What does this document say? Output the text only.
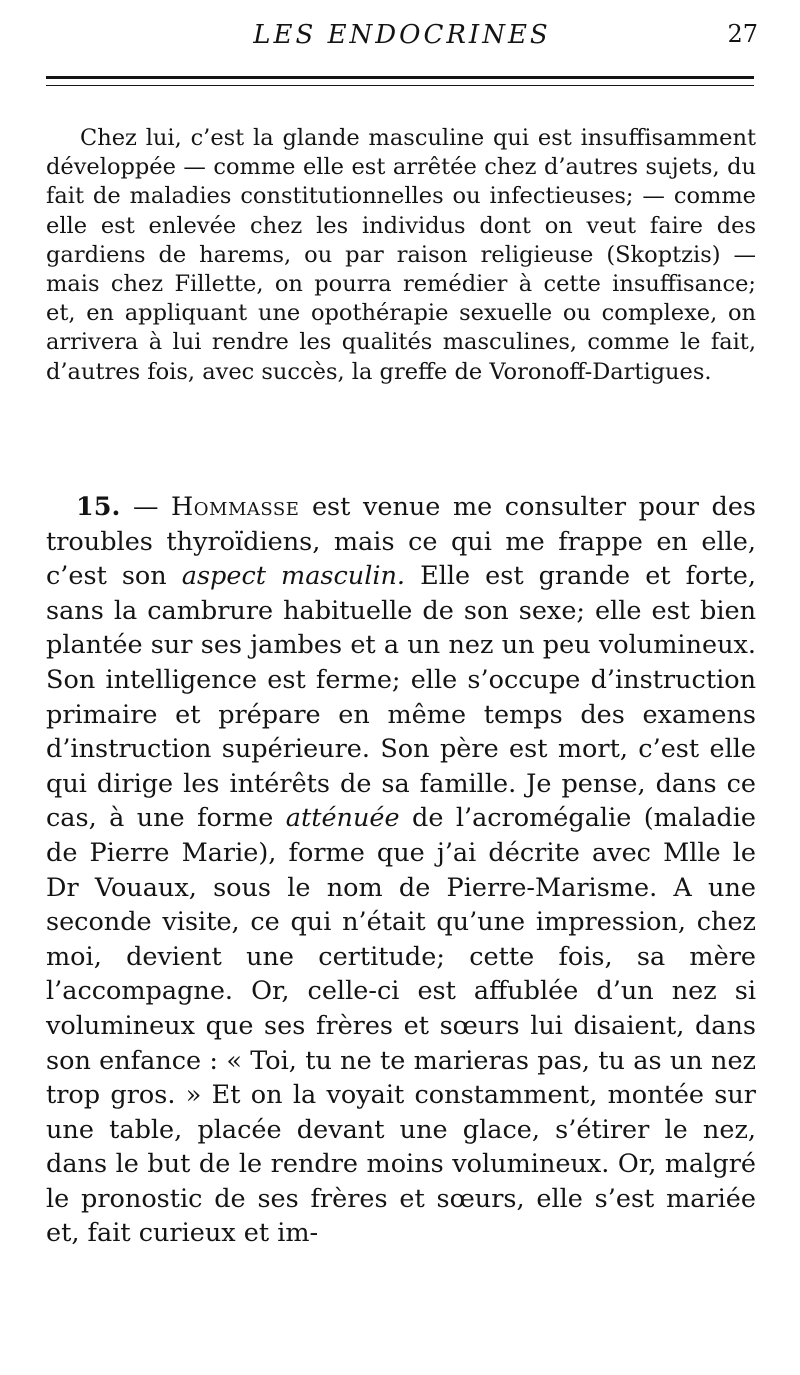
LES ENDOCRINES	27

Chez lui, c’est la glande masculine qui est insuffisamment développée — comme elle est arrêtée chez d’autres sujets, du fait de maladies constitutionnelles ou infectieuses; — comme elle est enlevée chez les individus dont on veut faire des gardiens de harems, ou par raison religieuse (Skoptzis) — mais chez Fillette, on pourra remédier à cette insuffisance; et, en appliquant une opothérapie sexuelle ou complexe, on arrivera à lui rendre les qualités masculines, comme le fait, d’autres fois, avec succès, la greffe de Voronoff-Dartigues.

15. — Hommasse est venue me consulter pour des troubles thyroïdiens, mais ce qui me frappe en elle, c’est son aspect masculin. Elle est grande et forte, sans la cambrure habituelle de son sexe; elle est bien plantée sur ses jambes et a un nez un peu volumineux. Son intelligence est ferme; elle s’occupe d’instruction primaire et prépare en même temps des examens d’instruction supérieure. Son père est mort, c’est elle qui dirige les intérêts de sa famille. Je pense, dans ce cas, à une forme atténuée de l’acromégalie (maladie de Pierre Marie), forme que j’ai décrite avec Mlle le Dr Vouaux, sous le nom de Pierre-Marisme. A une seconde visite, ce qui n’était qu’une impression, chez moi, devient une certitude; cette fois, sa mère l’accompagne. Or, celle-ci est affublée d’un nez si volumineux que ses frères et sœurs lui disaient, dans son enfance : « Toi, tu ne te marieras pas, tu as un nez trop gros. » Et on la voyait constamment, montée sur une table, placée devant une glace, s’étirer le nez, dans le but de le rendre moins volumineux. Or, malgré le pronostic de ses frères et sœurs, elle s’est mariée et, fait curieux et im-
